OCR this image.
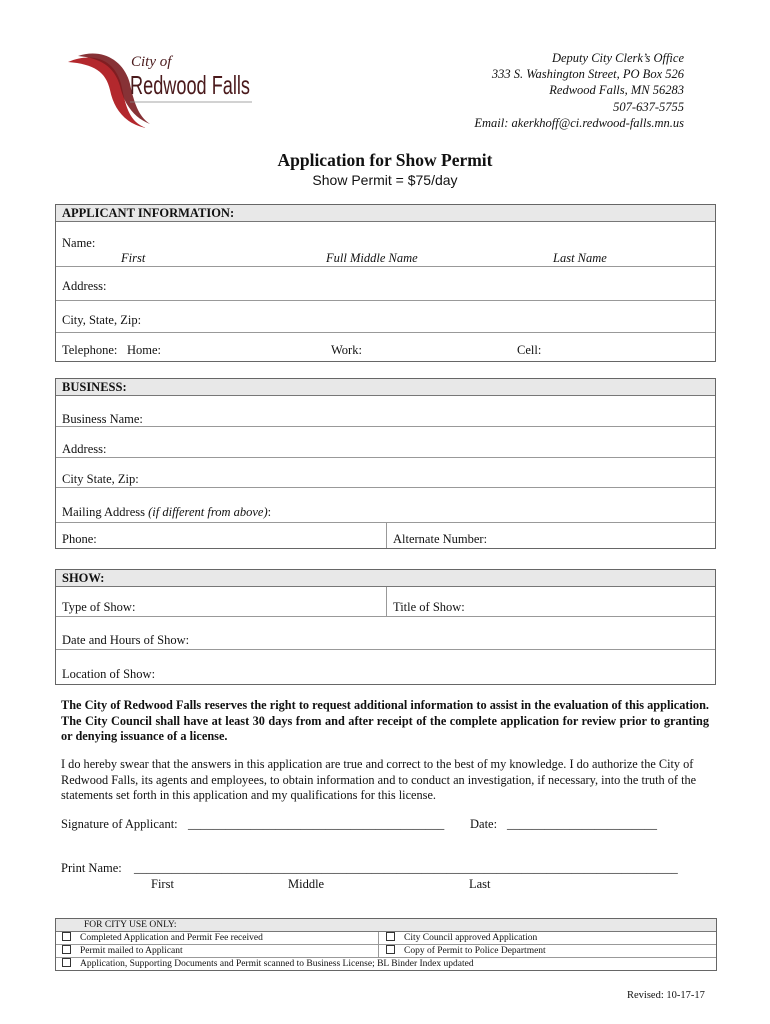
City of
Redwood Falls
Deputy City Clerk’s Office
333 S. Washington Street, PO Box 526
Redwood Falls, MN 56283
507-637-5755
Email: akerkhoff@ci.redwood-falls.mn.us
Application for Show Permit
Show Permit = $75/day
APPLICANT INFORMATION:
Name:
First	Full Middle Name	Last Name
Address:
City, State, Zip:
Telephone: Home:	Work:	Cell:
BUSINESS:
Business Name:
Address:
City State, Zip:
Mailing Address (if different from above):
Phone:	Alternate Number:
SHOW:
Type of Show:	Title of Show:
Date and Hours of Show:
Location of Show:
The City of Redwood Falls reserves the right to request additional information to assist in the evaluation of this application. The City Council shall have at least 30 days from and after receipt of the complete application for review prior to granting or denying issuance of a license.
I do hereby swear that the answers in this application are true and correct to the best of my knowledge. I do authorize the City of Redwood Falls, its agents and employees, to obtain information and to conduct an investigation, if necessary, into the truth of the statements set forth in this application and my qualifications for this license.
Signature of Applicant: _________________________________________ Date: ________________________
Print Name: _______________________________________________________________________________________
First	Middle	Last
FOR CITY USE ONLY:
Completed Application and Permit Fee received	City Council approved Application
Permit mailed to Applicant	Copy of Permit to Police Department
Application, Supporting Documents and Permit scanned to Business License; BL Binder Index updated
Revised: 10-17-17
